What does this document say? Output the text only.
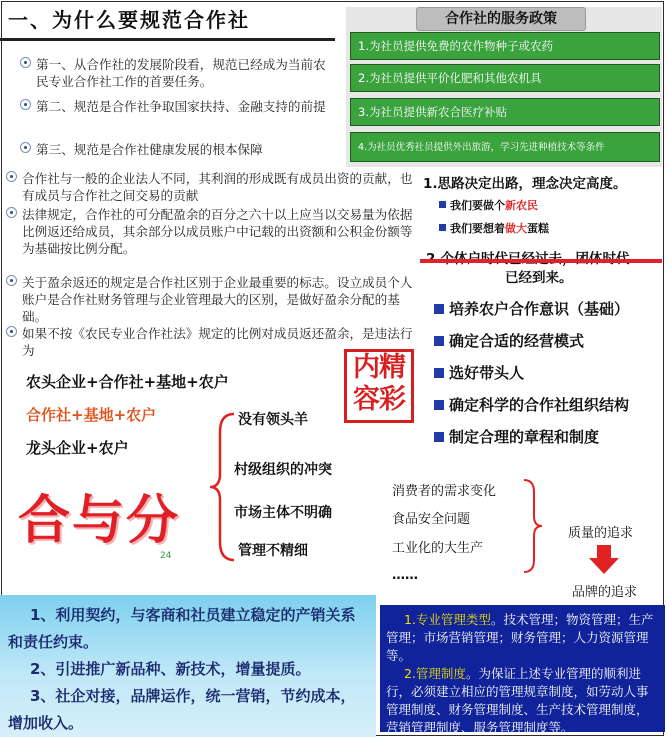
一、为什么要规范合作社
第一、从合作社的发展阶段看，规范已经成为当前农民专业合作社工作的首要任务。
第二、规范是合作社争取国家扶持、金融支持的前提
第三、规范是合作社健康发展的根本保障
合作社与一般的企业法人不同，其利润的形成既有成员出资的贡献，也有成员与合作社之间交易的贡献
法律规定，合作社的可分配盈余的百分之六十以上应当以交易量为依据比例返还给成员，其余部分以成员账户中记载的出资额和公积金份额等为基础按比例分配。
关于盈余返还的规定是合作社区别于企业最重要的标志。设立成员个人账户是合作社财务管理与企业管理最大的区别，是做好盈余分配的基础。
如果不按《农民专业合作社法》规定的比例对成员返还盈余，是违法行为
合作社的服务政策
1.为社员提供免费的农作物种子或农药
2.为社员提供平价化肥和其他农机具
3.为社员提供新农合医疗补贴
4.为社员优秀社员提供外出旅游，学习先进种植技术等条件
1.思路决定出路，理念决定高度。
我们要做个新农民
我们要想着做大蛋糕
已经到来。
培养农户合作意识（基础）
确定合适的经营模式
选好带头人
确定科学的合作社组织结构
制定合理的章程和制度
农头企业+合作社+基地+农户
合作社+基地+农户
龙头企业+农户
内精
容彩
合与分
24
没有领头羊
村级组织的冲突
市场主体不明确
管理不精细
消费者的需求变化
食品安全问题
工业化的大生产
……
质量的追求
品牌的追求
1、利用契约，与客商和社员建立稳定的产销关系和责任约束。
2、引进推广新品种、新技术，增量提质。
3、社企对接，品牌运作，统一营销，节约成本，增加收入。
1.专业管理类型。技术管理；物资管理；生产管理；市场营销管理；财务管理；人力资源管理等。
2.管理制度。为保证上述专业管理的顺利进行，必须建立相应的管理规章制度，如劳动人事管理制度、财务管理制度、生产技术管理制度，营销管理制度、服务管理制度等。
